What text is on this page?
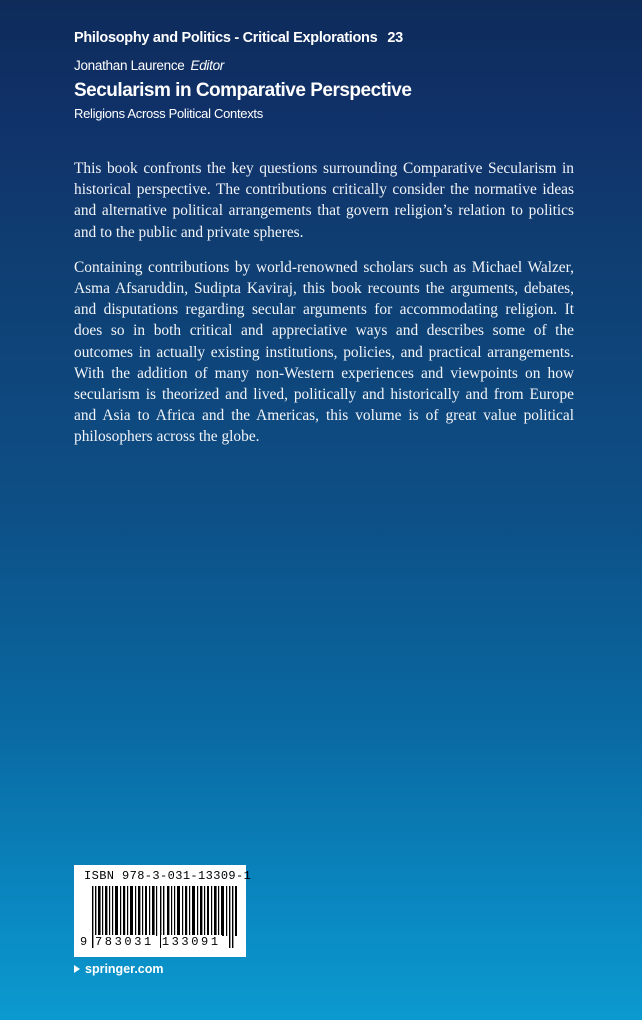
Philosophy and Politics - Critical Explorations 23
Jonathan Laurence Editor
Secularism in Comparative Perspective
Religions Across Political Contexts

This book confronts the key questions surrounding Comparative Secularism in historical perspective. The contributions critically consider the normative ideas and alternative political arrangements that govern religion’s relation to politics and to the public and private spheres.

Containing contributions by world-renowned scholars such as Michael Walzer, Asma Afsaruddin, Sudipta Kaviraj, this book recounts the arguments, debates, and disputations regarding secular arguments for accommodating religion. It does so in both critical and appreciative ways and describes some of the outcomes in actually existing institutions, policies, and practical arrangements. With the addition of many non-Western experiences and viewpoints on how secularism is theorized and lived, politically and historically and from Europe and Asia to Africa and the Americas, this volume is of great value political philosophers across the globe.

ISBN 978-3-031-13309-1
9 783031 133091
springer.com
